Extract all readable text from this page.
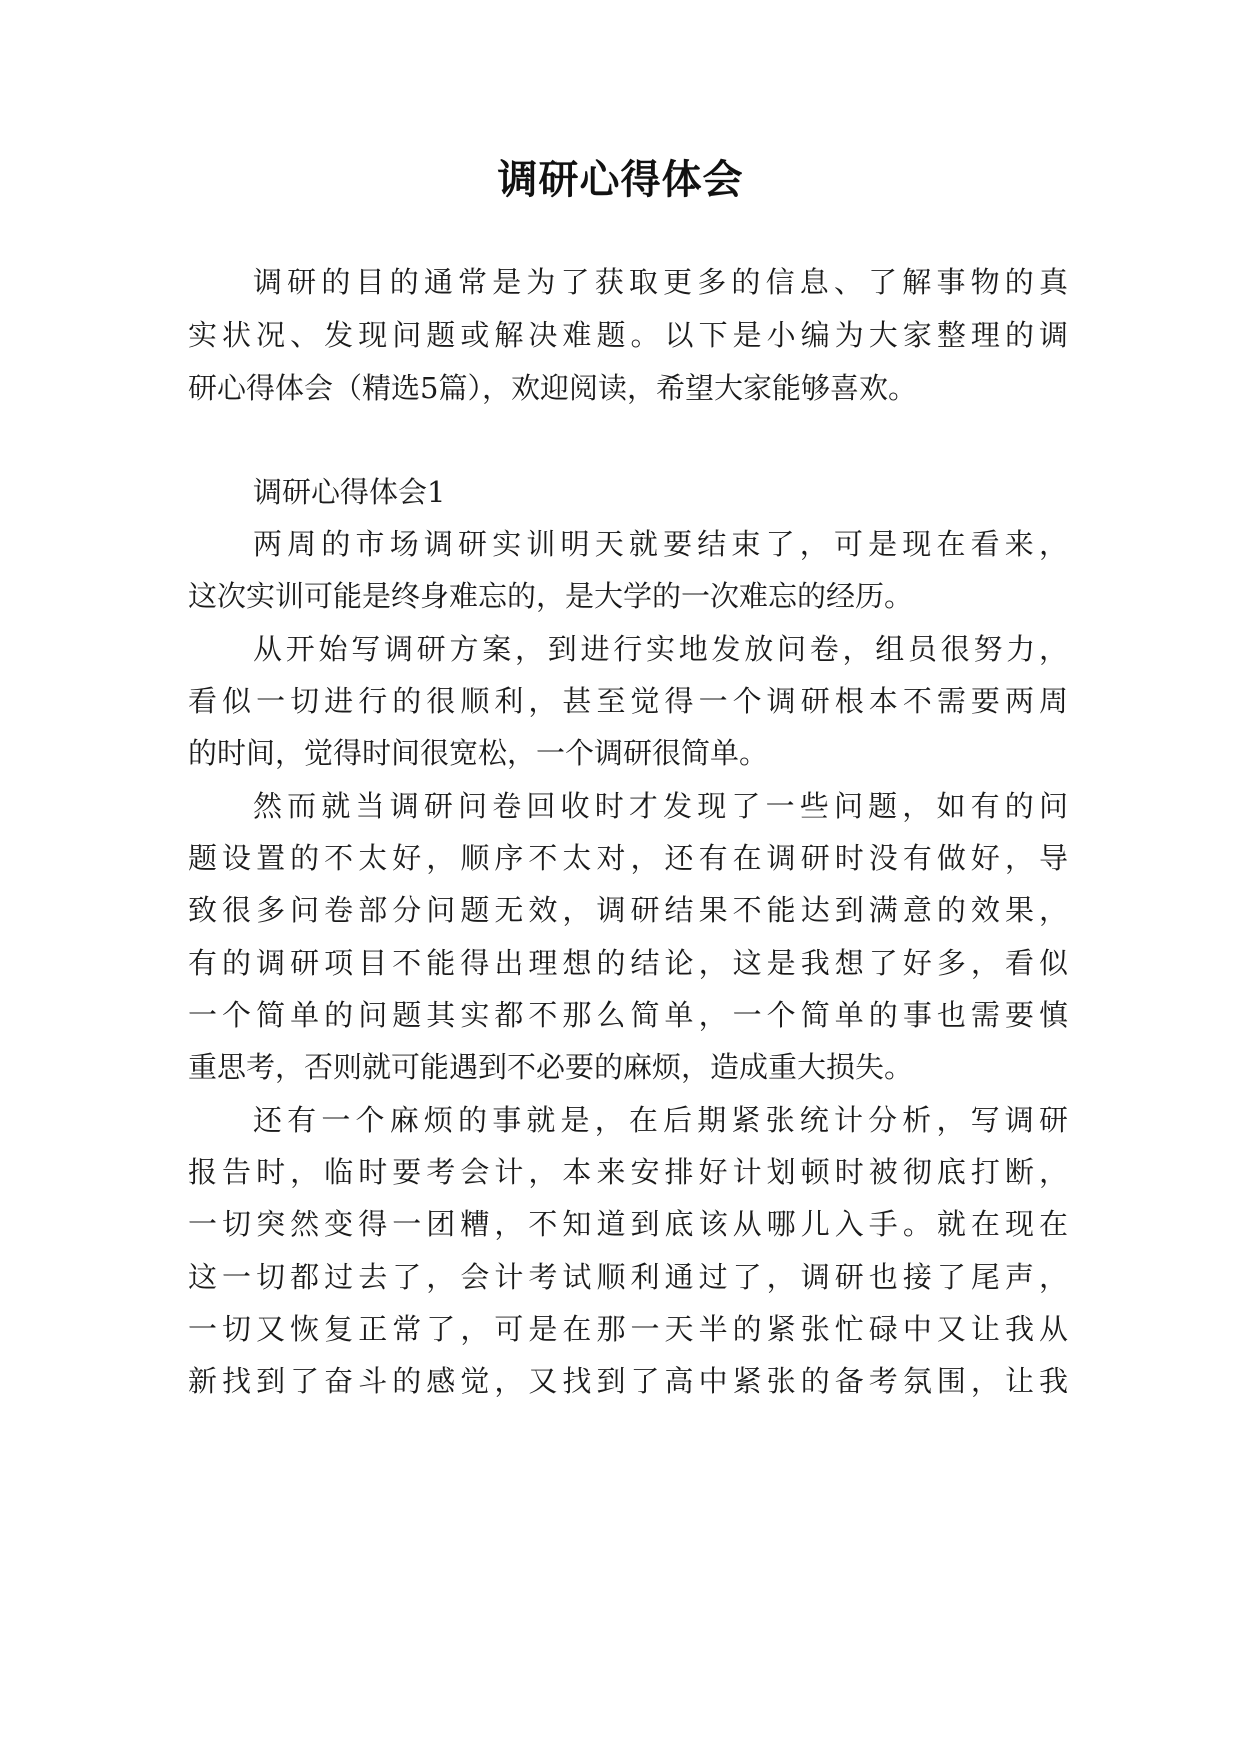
调研心得体会
调研的目的通常是为了获取更多的信息、了解事物的真
实状况、发现问题或解决难题。以下是小编为大家整理的调
研心得体会（精选5篇），欢迎阅读，希望大家能够喜欢。
调研心得体会1
两周的市场调研实训明天就要结束了，可是现在看来，
这次实训可能是终身难忘的，是大学的一次难忘的经历。
从开始写调研方案，到进行实地发放问卷，组员很努力，
看似一切进行的很顺利，甚至觉得一个调研根本不需要两周
的时间，觉得时间很宽松，一个调研很简单。
然而就当调研问卷回收时才发现了一些问题，如有的问
题设置的不太好，顺序不太对，还有在调研时没有做好，导
致很多问卷部分问题无效，调研结果不能达到满意的效果，
有的调研项目不能得出理想的结论，这是我想了好多，看似
一个简单的问题其实都不那么简单，一个简单的事也需要慎
重思考，否则就可能遇到不必要的麻烦，造成重大损失。
还有一个麻烦的事就是，在后期紧张统计分析，写调研
报告时，临时要考会计，本来安排好计划顿时被彻底打断，
一切突然变得一团糟，不知道到底该从哪儿入手。就在现在
这一切都过去了，会计考试顺利通过了，调研也接了尾声，
一切又恢复正常了，可是在那一天半的紧张忙碌中又让我从
新找到了奋斗的感觉，又找到了高中紧张的备考氛围，让我
